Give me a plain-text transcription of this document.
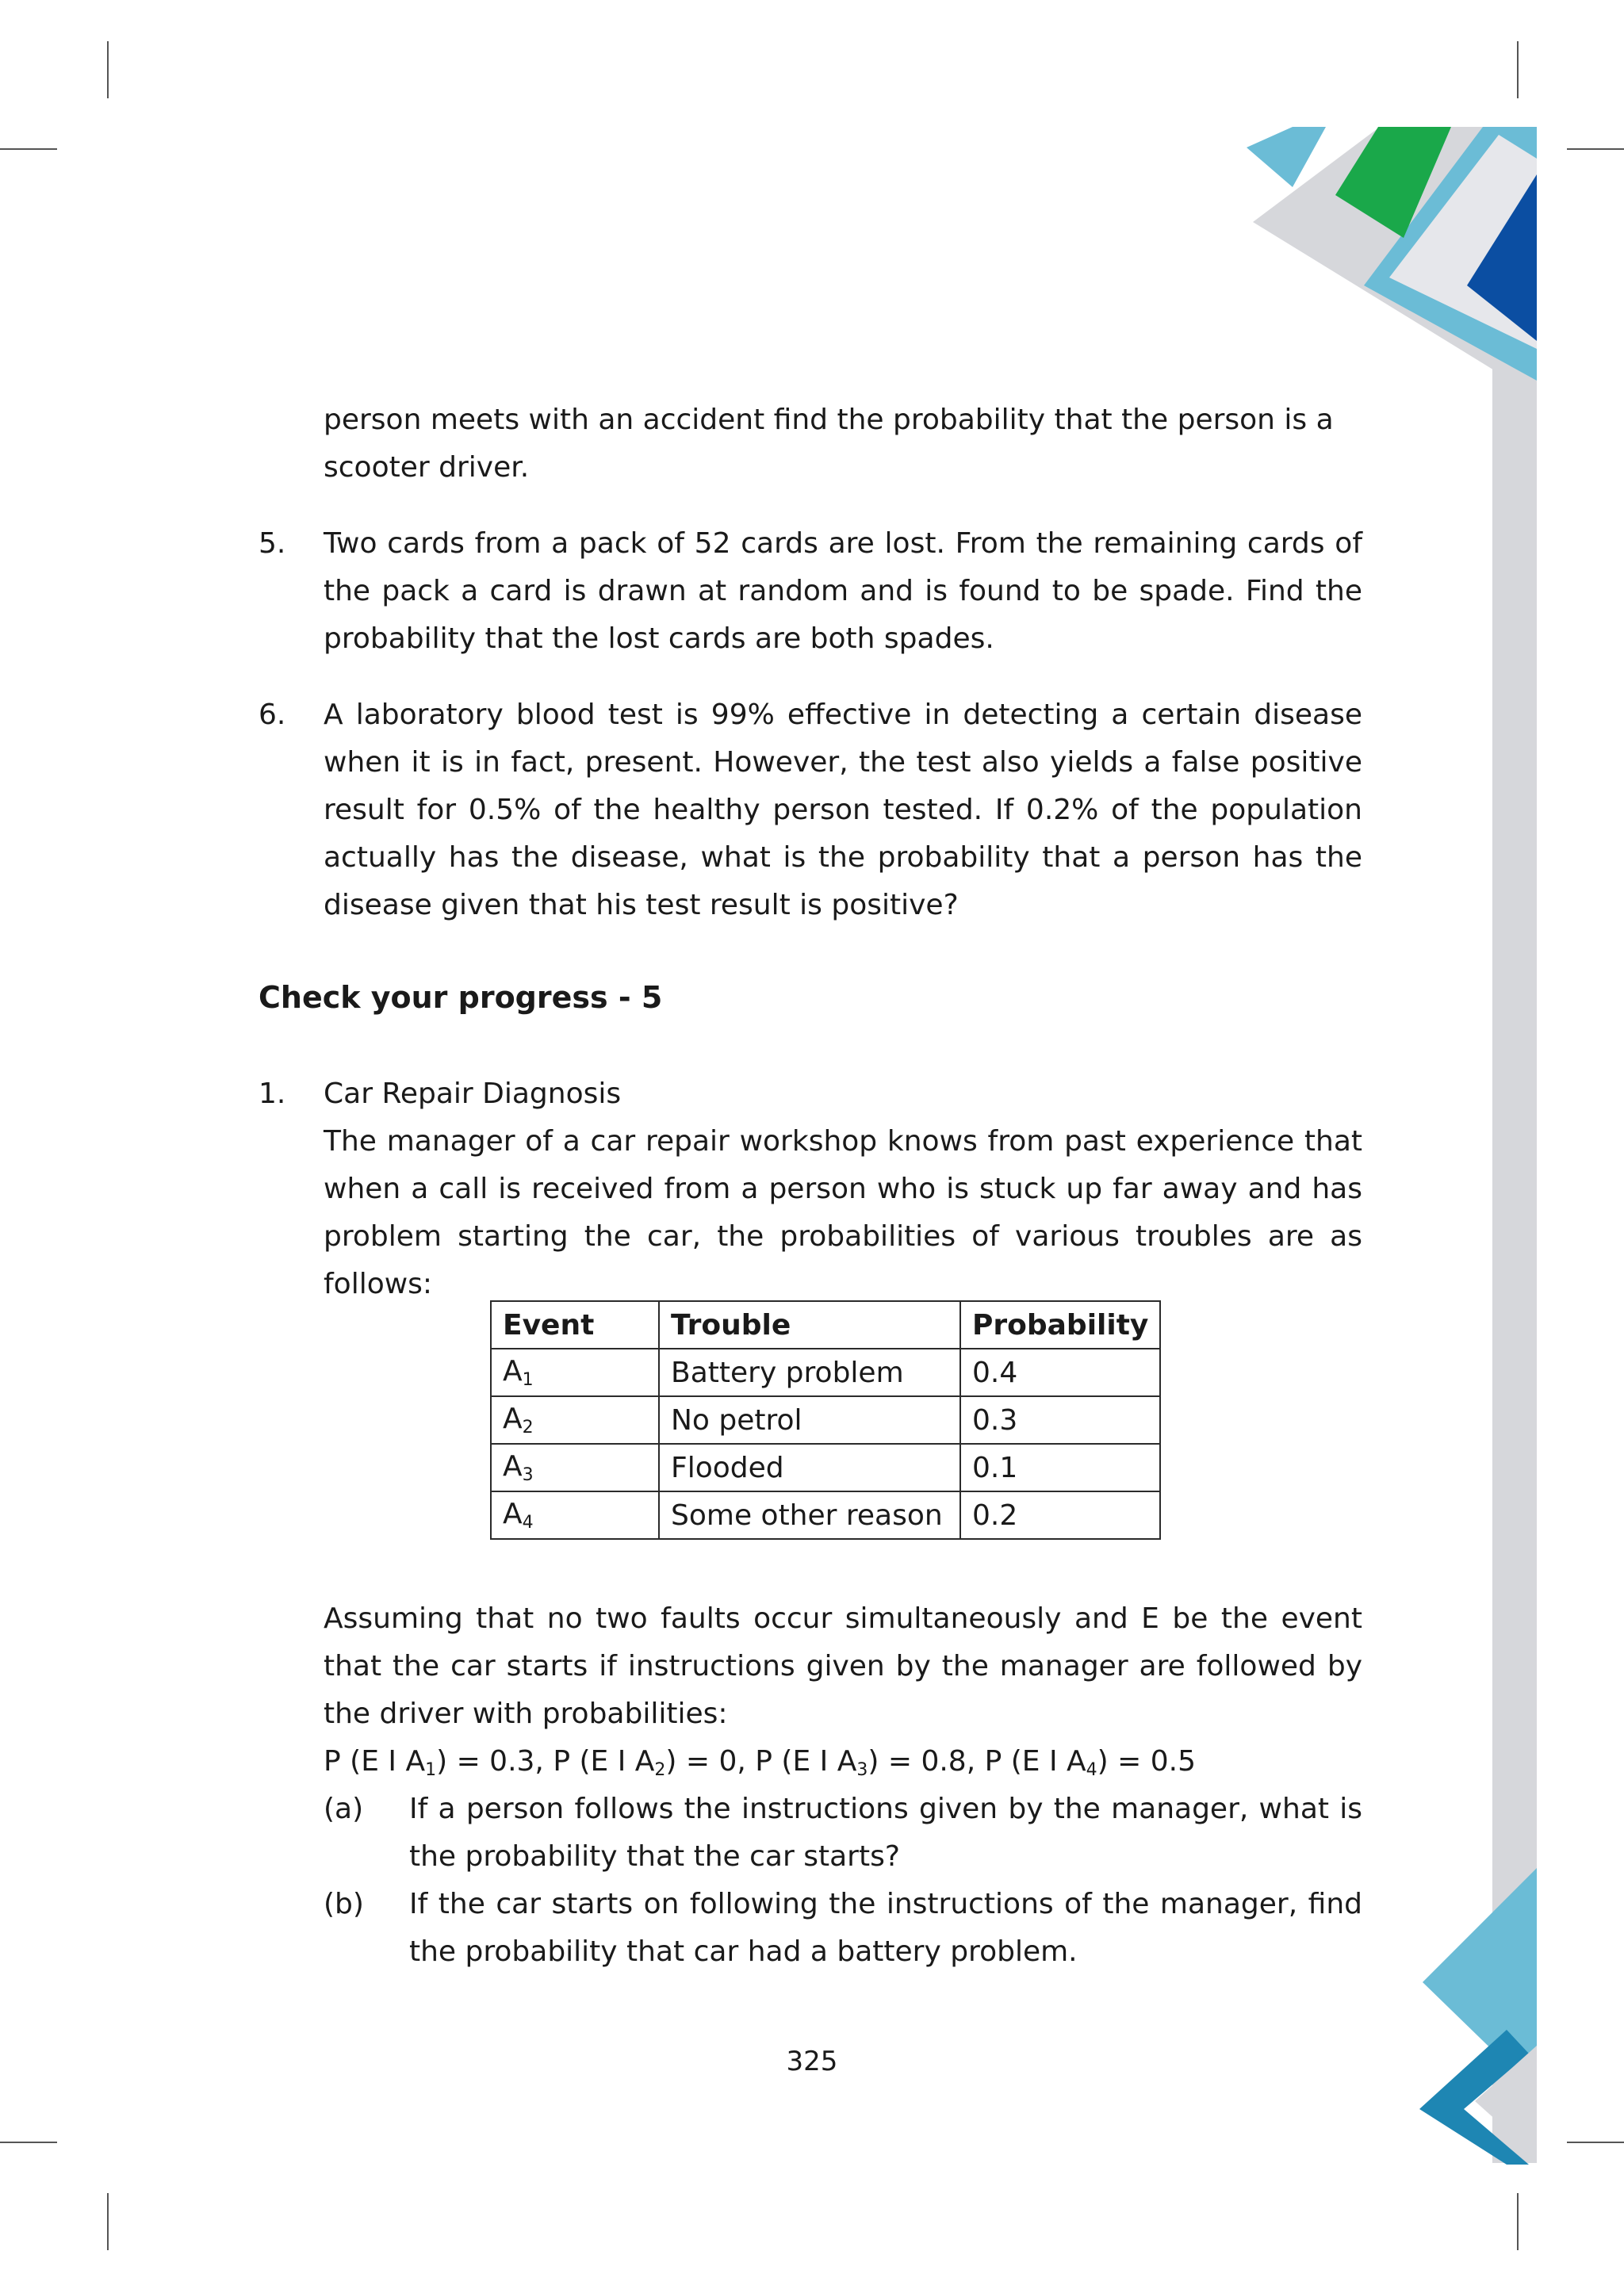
person meets with an accident find the probability that the person is a

scooter driver.

5. Two cards from a pack of 52 cards are lost. From the remaining cards of the pack a card is drawn at random and is found to be spade. Find the probability that the lost cards are both spades.

6. A laboratory blood test is 99% effective in detecting a certain disease when it is in fact, present. However, the test also yields a false positive result for 0.5% of the healthy person tested. If 0.2% of the population actually has the disease, what is the probability that a person has the disease given that his test result is positive?

Check your progress - 5

1. Car Repair Diagnosis

The manager of a car repair workshop knows from past experience that when a call is received from a person who is stuck up far away and has problem starting the car, the probabilities of various troubles are as follows:

Event	Trouble	Probability
$A_1$	Battery problem	0.4
$A_2$	No petrol	0.3
$A_3$	Flooded	0.1
$A_4$	Some other reason	0.2

Assuming that no two faults occur simultaneously and E be the event that the car starts if instructions given by the manager are followed by the driver with probabilities:

P (E I $A_1) = 0.3$, P (E I $A_2) = 0$, P (E I $A_3) = 0.8$, P (E I $A_4) = 0.5$

(a) If a person follows the instructions given by the manager, what is the probability that the car starts?

(b) If the car starts on following the instructions of the manager, find the probability that car had a battery problem.

325
